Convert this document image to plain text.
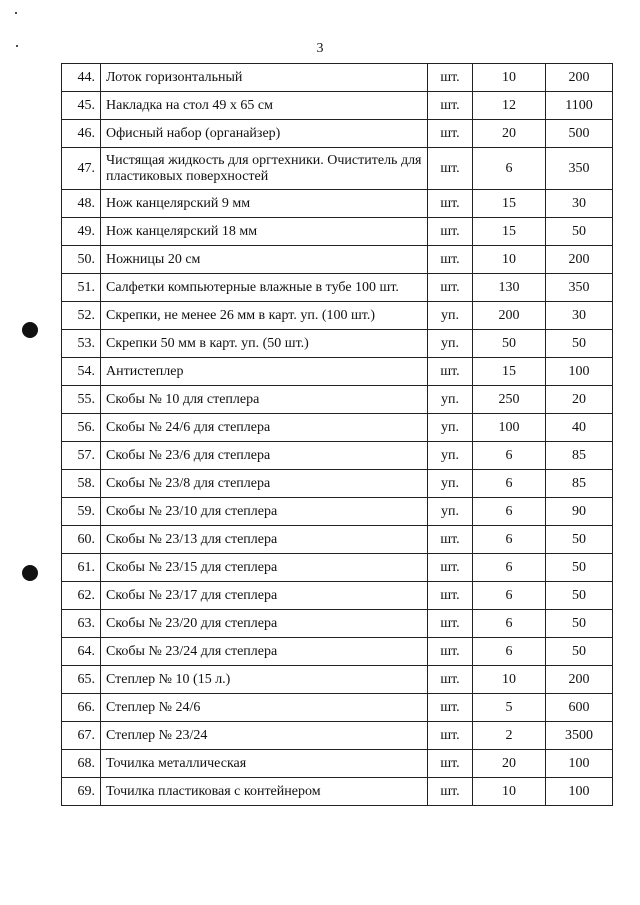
3
44.	Лоток горизонтальный	шт.	10	200
45.	Накладка на стол 49 х 65 см	шт.	12	1100
46.	Офисный набор (органайзер)	шт.	20	500
47.	Чистящая жидкость для оргтехники. Очиститель для пластиковых поверхностей	шт.	6	350
48.	Нож канцелярский 9 мм	шт.	15	30
49.	Нож канцелярский 18 мм	шт.	15	50
50.	Ножницы 20 см	шт.	10	200
51.	Салфетки компьютерные влажные в тубе 100 шт.	шт.	130	350
52.	Скрепки, не менее 26 мм в карт. уп. (100 шт.)	уп.	200	30
53.	Скрепки 50 мм в карт. уп. (50 шт.)	уп.	50	50
54.	Антистеплер	шт.	15	100
55.	Скобы № 10 для степлера	уп.	250	20
56.	Скобы № 24/6 для степлера	уп.	100	40
57.	Скобы № 23/6 для степлера	уп.	6	85
58.	Скобы № 23/8 для степлера	уп.	6	85
59.	Скобы № 23/10 для степлера	уп.	6	90
60.	Скобы № 23/13 для степлера	шт.	6	50
61.	Скобы № 23/15 для степлера	шт.	6	50
62.	Скобы № 23/17 для степлера	шт.	6	50
63.	Скобы № 23/20 для степлера	шт.	6	50
64.	Скобы № 23/24 для степлера	шт.	6	50
65.	Степлер № 10 (15 л.)	шт.	10	200
66.	Степлер № 24/6	шт.	5	600
67.	Степлер № 23/24	шт.	2	3500
68.	Точилка металлическая	шт.	20	100
69.	Точилка пластиковая с контейнером	шт.	10	100
